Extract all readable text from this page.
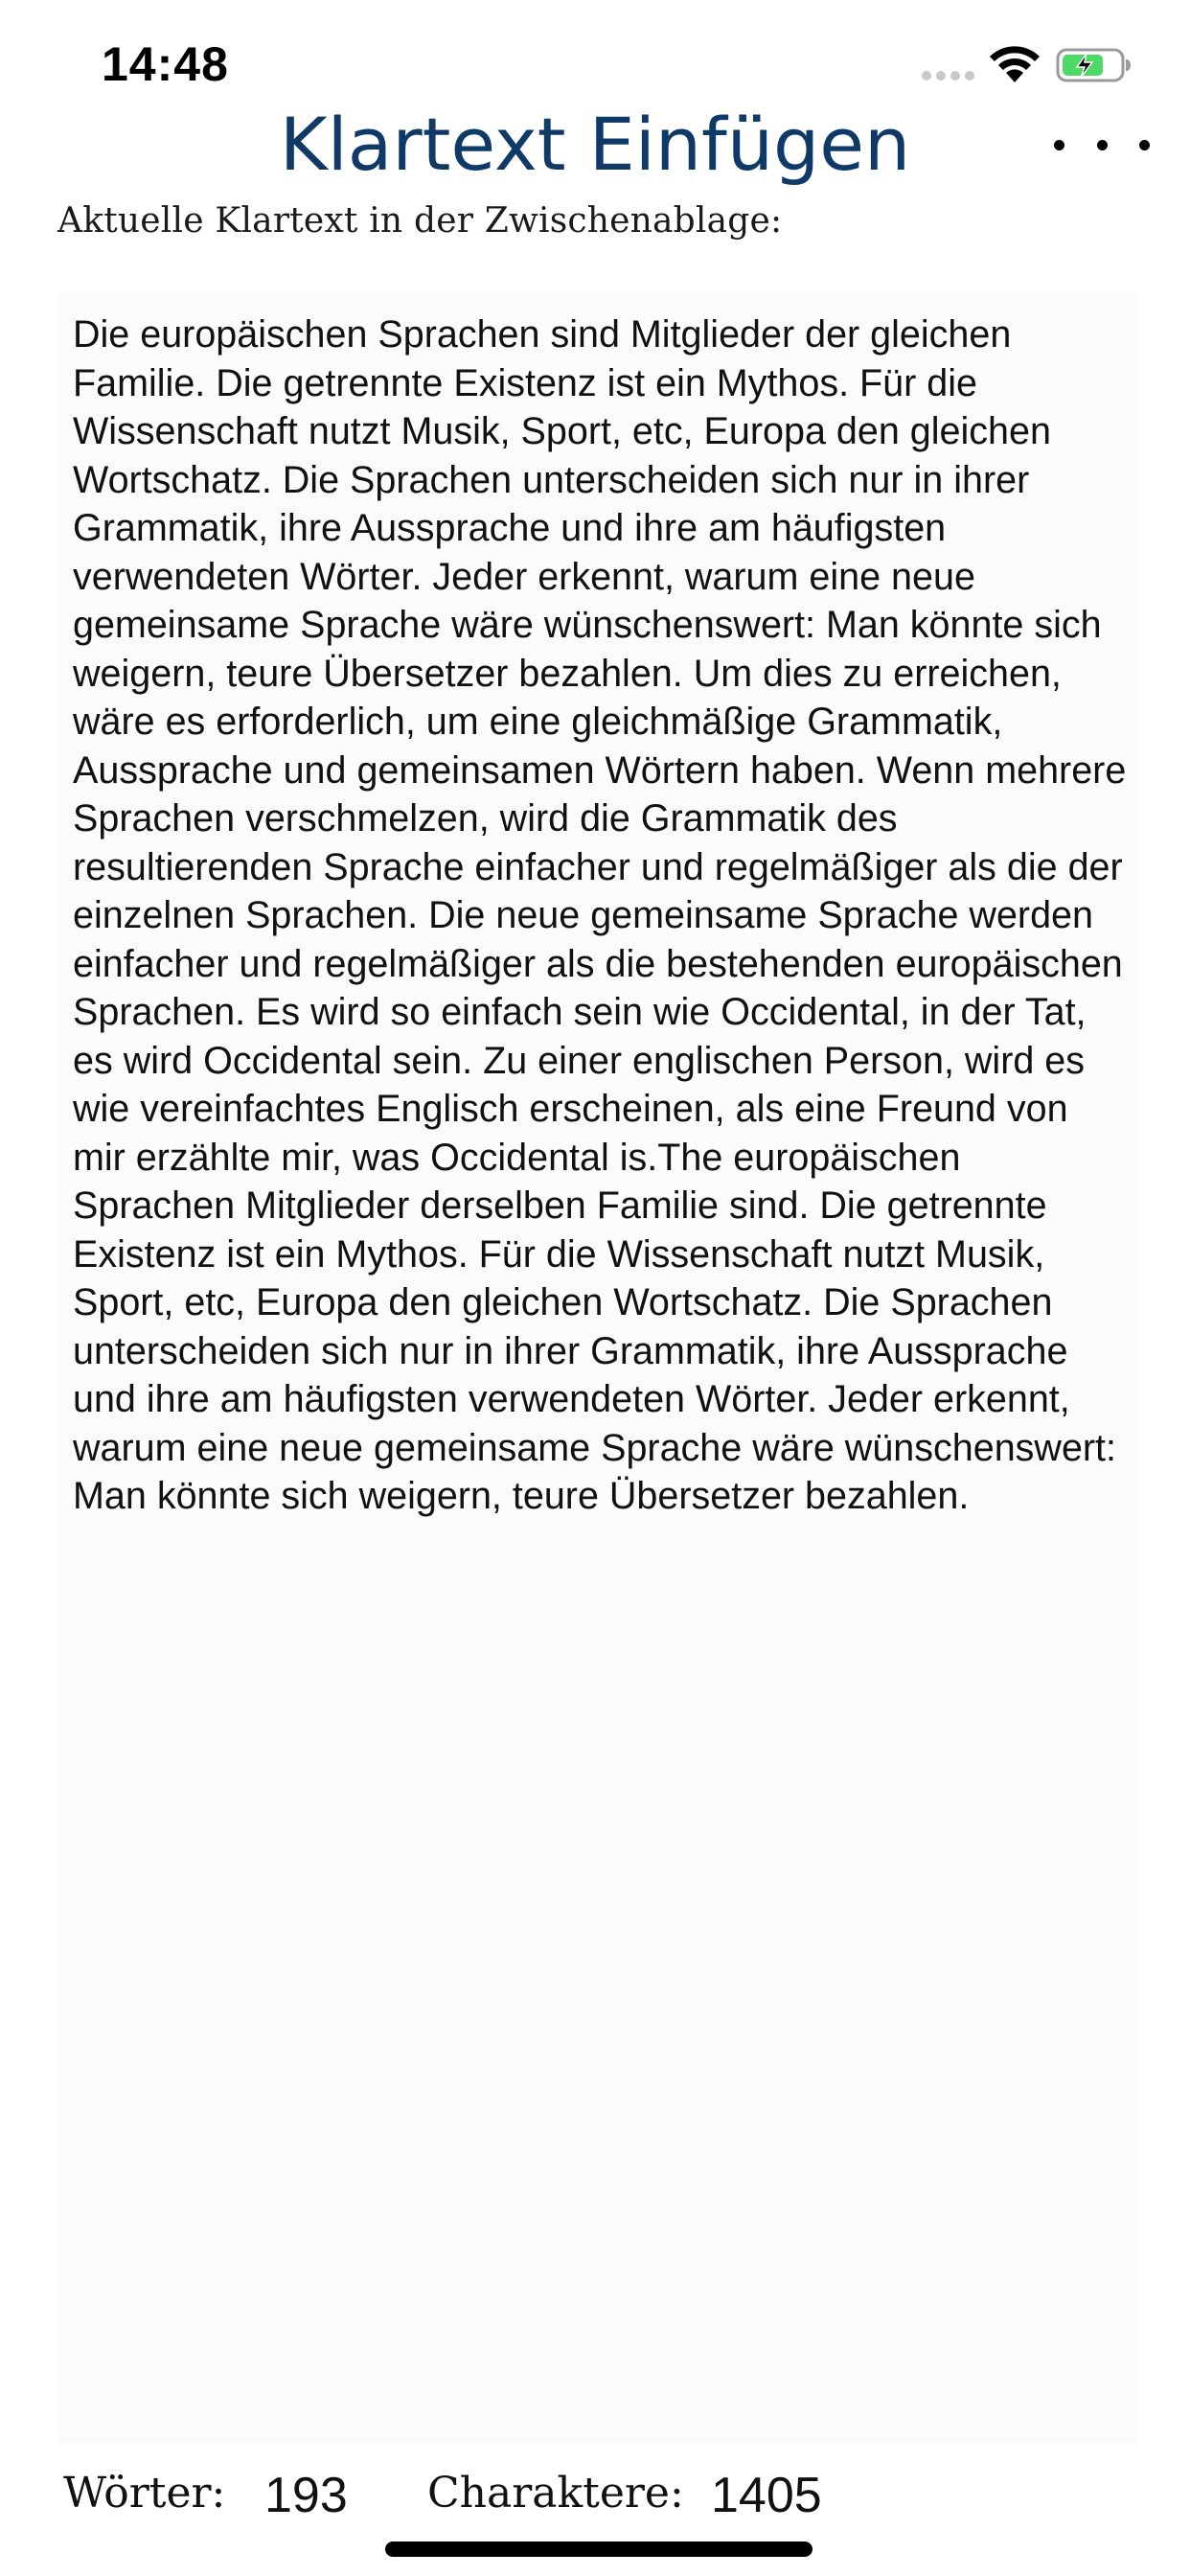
14:48
Klartext Einfügen
Aktuelle Klartext in der Zwischenablage:
Die europäischen Sprachen sind Mitglieder der gleichen Familie. Die getrennte Existenz ist ein Mythos. Für die Wissenschaft nutzt Musik, Sport, etc, Europa den gleichen Wortschatz. Die Sprachen unterscheiden sich nur in ihrer Grammatik, ihre Aussprache und ihre am häufigsten verwendeten Wörter. Jeder erkennt, warum eine neue gemeinsame Sprache wäre wünschenswert: Man könnte sich weigern, teure Übersetzer bezahlen. Um dies zu erreichen, wäre es erforderlich, um eine gleichmäßige Grammatik, Aussprache und gemeinsamen Wörtern haben. Wenn mehrere Sprachen verschmelzen, wird die Grammatik des resultierenden Sprache einfacher und regelmäßiger als die der einzelnen Sprachen. Die neue gemeinsame Sprache werden einfacher und regelmäßiger als die bestehenden europäischen Sprachen. Es wird so einfach sein wie Occidental, in der Tat, es wird Occidental sein. Zu einer englischen Person, wird es wie vereinfachtes Englisch erscheinen, als eine Freund von mir erzählte mir, was Occidental is.The europäischen Sprachen Mitglieder derselben Familie sind. Die getrennte Existenz ist ein Mythos. Für die Wissenschaft nutzt Musik, Sport, etc, Europa den gleichen Wortschatz. Die Sprachen unterscheiden sich nur in ihrer Grammatik, ihre Aussprache und ihre am häufigsten verwendeten Wörter. Jeder erkennt, warum eine neue gemeinsame Sprache wäre wünschenswert: Man könnte sich weigern, teure Übersetzer bezahlen.
Wörter: 193 Charaktere: 1405
